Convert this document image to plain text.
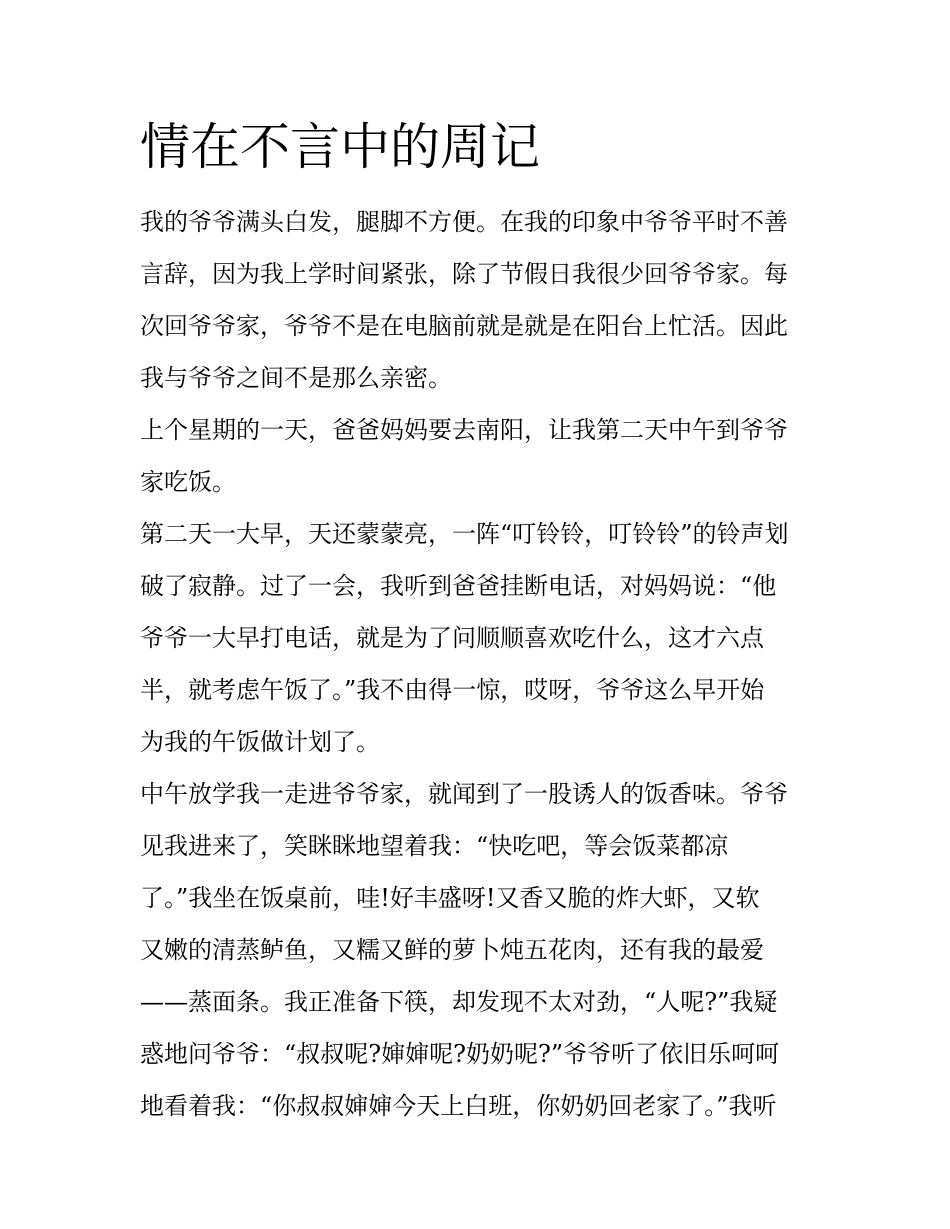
情在不言中的周记

我的爷爷满头白发，腿脚不方便。在我的印象中爷爷平时不善

言辞，因为我上学时间紧张，除了节假日我很少回爷爷家。每

次回爷爷家，爷爷不是在电脑前就是就是在阳台上忙活。因此

我与爷爷之间不是那么亲密。

上个星期的一天，爸爸妈妈要去南阳，让我第二天中午到爷爷

家吃饭。

第二天一大早，天还蒙蒙亮，一阵“叮铃铃，叮铃铃”的铃声划

破了寂静。过了一会，我听到爸爸挂断电话，对妈妈说：“他

爷爷一大早打电话，就是为了问顺顺喜欢吃什么，这才六点

半，就考虑午饭了。”我不由得一惊，哎呀，爷爷这么早开始

为我的午饭做计划了。

中午放学我一走进爷爷家，就闻到了一股诱人的饭香味。爷爷

见我进来了，笑眯眯地望着我：“快吃吧，等会饭菜都凉

了。”我坐在饭桌前，哇!好丰盛呀!又香又脆的炸大虾，又软

又嫩的清蒸鲈鱼，又糯又鲜的萝卜炖五花肉，还有我的最爱

——蒸面条。我正准备下筷，却发现不太对劲，“人呢?”我疑

惑地问爷爷：“叔叔呢?婶婶呢?奶奶呢?”爷爷听了依旧乐呵呵

地看着我：“你叔叔婶婶今天上白班，你奶奶回老家了。”我听
